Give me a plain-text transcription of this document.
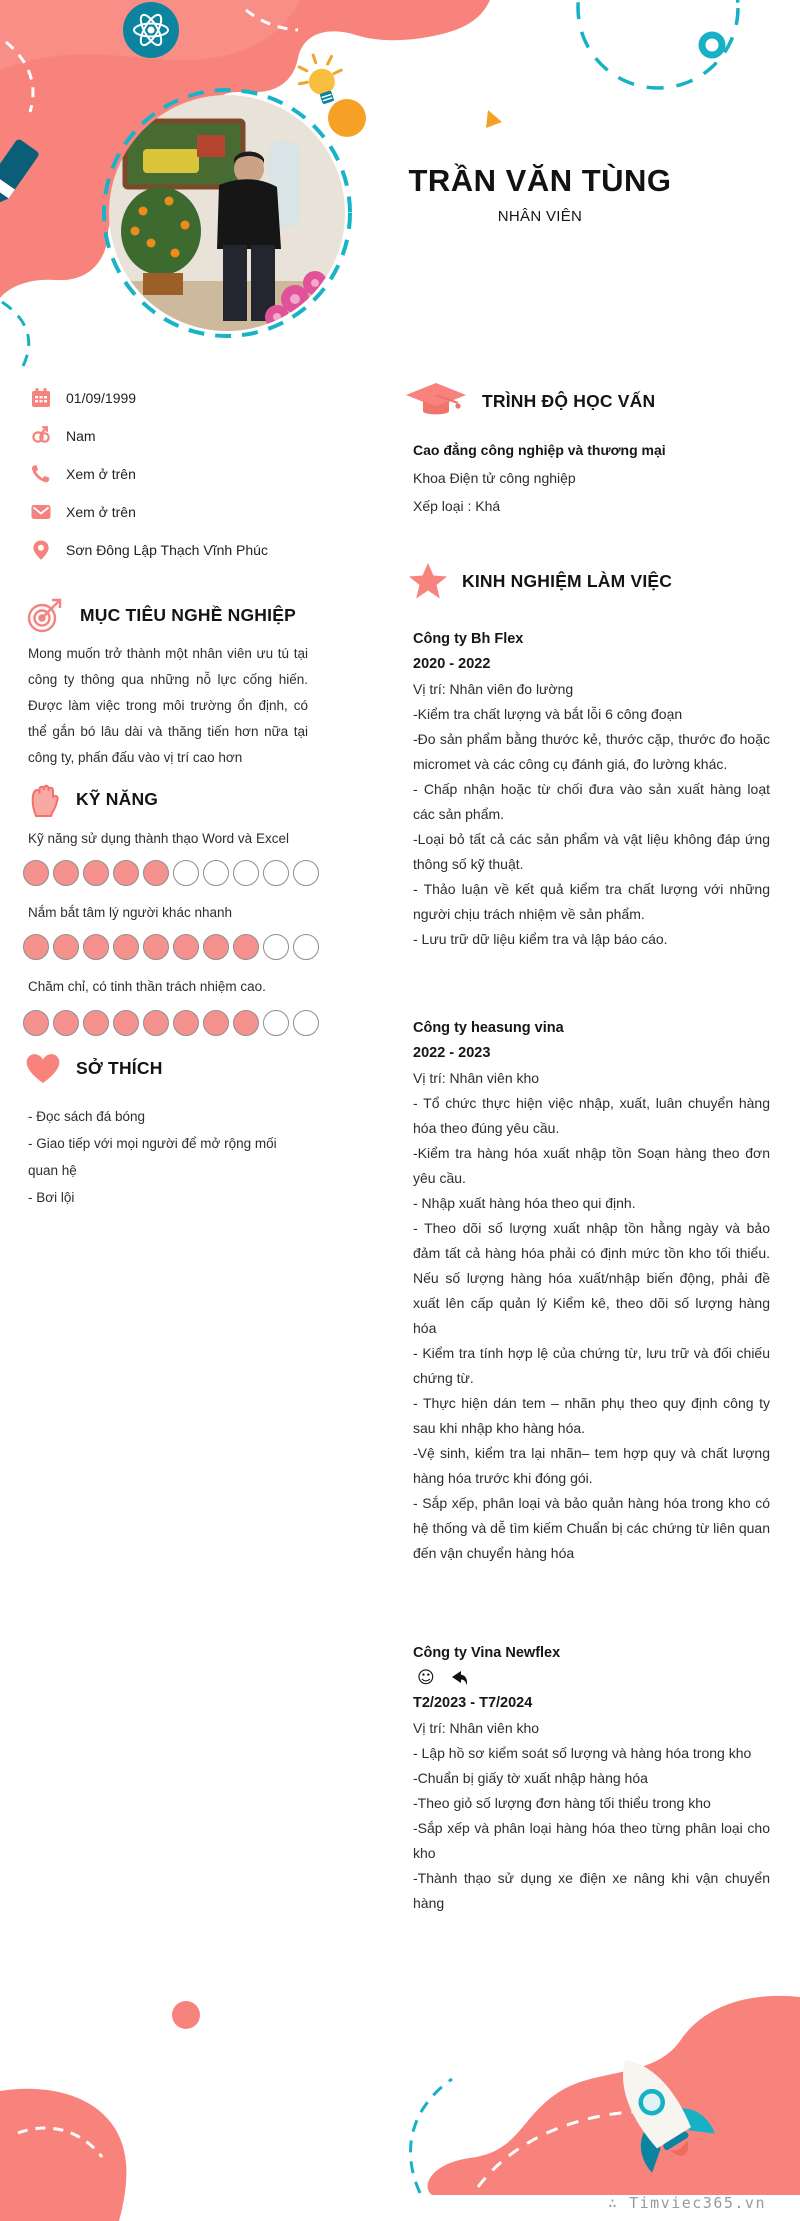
TRẦN VĂN TÙNG
NHÂN VIÊN
01/09/1999
Nam
Xem ở trên
Xem ở trên
Sơn Đông Lập Thạch Vĩnh Phúc
MỤC TIÊU NGHỀ NGHIỆP
Mong muốn trở thành một nhân viên ưu tú tại công ty thông qua những nỗ lực cống hiến. Được làm việc trong môi trường ổn định, có thể gắn bó lâu dài và thăng tiến hơn nữa tại công ty, phấn đấu vào vị trí cao hơn
KỸ NĂNG
Kỹ năng sử dụng thành thạo Word và Excel
Nắm bắt tâm lý người khác nhanh
Chăm chỉ, có tinh thần trách nhiệm cao.
SỞ THÍCH
- Đọc sách đá bóng
- Giao tiếp với mọi người để mở rộng mối quan hệ
- Bơi lội
TRÌNH ĐỘ HỌC VẤN
Cao đẳng công nghiệp và thương mại
Khoa Điện tử công nghiệp
Xếp loại : Khá
KINH NGHIỆM LÀM VIỆC
Công ty Bh Flex
2020 - 2022
Vị trí: Nhân viên đo lường
-Kiểm tra chất lượng và bắt lỗi 6 công đoạn
-Đo sản phẩm bằng thước kẻ, thước cặp, thước đo hoặc micromet và các công cụ đánh giá, đo lường khác.
- Chấp nhận hoặc từ chối đưa vào sản xuất hàng loạt các sản phẩm.
-Loại bỏ tất cả các sản phẩm và vật liệu không đáp ứng thông số kỹ thuật.
- Thảo luận về kết quả kiểm tra chất lượng với những người chịu trách nhiệm về sản phẩm.
- Lưu trữ dữ liệu kiểm tra và lập báo cáo.
Công ty heasung vina
2022 - 2023
Vị trí: Nhân viên kho
- Tổ chức thực hiện việc nhập, xuất, luân chuyển hàng hóa theo đúng yêu cầu.
-Kiểm tra hàng hóa xuất nhập tồn Soạn hàng theo đơn yêu cầu.
- Nhập xuất hàng hóa theo qui định.
- Theo dõi số lượng xuất nhập tồn hằng ngày và bảo đảm tất cả hàng hóa phải có định mức tồn kho tối thiểu. Nếu số lượng hàng hóa xuất/nhập biến động, phải đề xuất lên cấp quản lý Kiểm kê, theo dõi số lượng hàng hóa
- Kiểm tra tính hợp lệ của chứng từ, lưu trữ và đối chiếu chứng từ.
- Thực hiện dán tem – nhãn phụ theo quy định công ty sau khi nhập kho hàng hóa.
-Vệ sinh, kiểm tra lại nhãn– tem hợp quy và chất lượng hàng hóa trước khi đóng gói.
- Sắp xếp, phân loại và bảo quản hàng hóa trong kho có hệ thống và dễ tìm kiếm Chuẩn bị các chứng từ liên quan đến vận chuyển hàng hóa
Công ty Vina Newflex
☺
T2/2023 - T7/2024
Vị trí: Nhân viên kho
- Lập hồ sơ kiểm soát số lượng và hàng hóa trong kho
-Chuẩn bị giấy tờ xuất nhập hàng hóa
-Theo giỏ số lượng đơn hàng tối thiểu trong kho
-Sắp xếp và phân loại hàng hóa theo từng phân loại cho kho
-Thành thạo sử dụng xe điện xe nâng khi vận chuyển hàng
∴ Timviec365.vn
